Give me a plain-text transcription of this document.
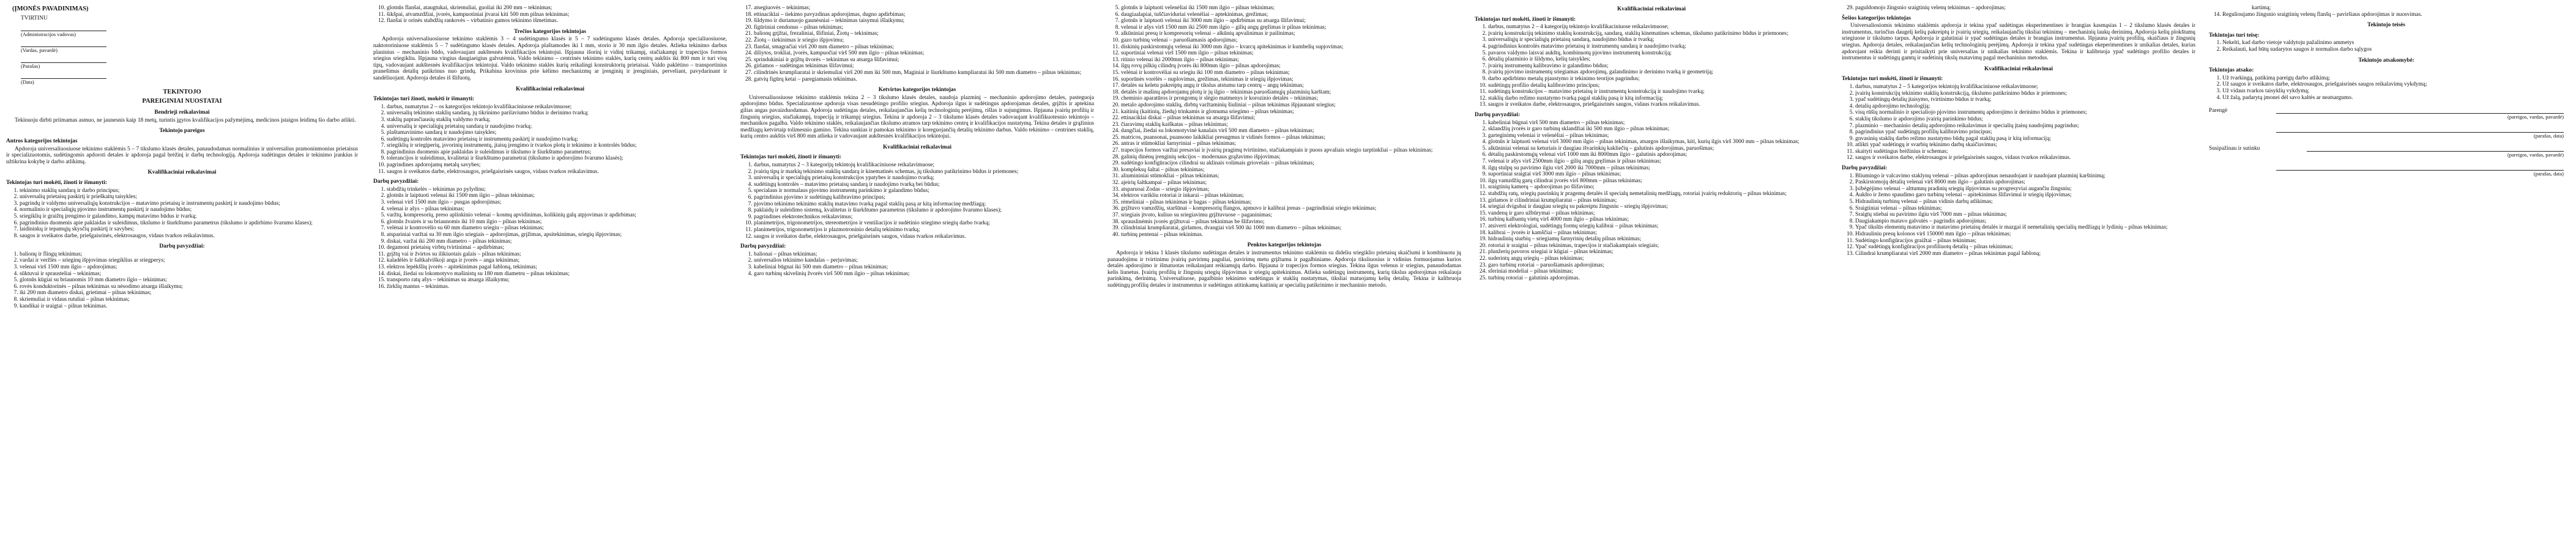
(ĮMONĖS PAVADINIMAS)
TVIRTINU
(Administracijos vadovas)
(Vardas, pavardė)
(Parašas)
(Data)
TEKINTOJO
PAREIGINIAI NUOSTATAI
Bendrieji reikalavimai

Tekinuoju dirbti priimamas asmuo, ne jaunesnis kaip 18 metų, turintis įgytos kvalifikacijos pažymėjimą, medicinos įstaigos leidimą šio darbo atlikti.

Tekintojo pareigos
Antros kategorijos tekintojas

Apdoroja universaliuosiuose tekinimo staklėmis 5 – 7 tikslumo klasės detales, panaudodamas normalinius ir universalius pramoninmonius prietaisus ir specializuotomis, sudėtingomis apdoroti detales ir apdoroja pagal brėžinį ir darbų technologiją. Apdoroja sudėtingus detales ir tekinimo įrankius ir užtikrina kokybę ir darbo atlikimą.

Kvalifikaciniai reikalavimai
Tekintojas turi mokėti, žinoti ir išmanyti:
1. tekinimo staklių sandarą ir darbo principus;
2. universalių prietaisų paskirtį ir prieškaitų taisykles;
3. pagrindų ir valdymo universaliųjų konstrukcijos – matavimo prietaisų ir instrumentų paskirtį ir naudojimo būdus;
4. normalinio ir specialiųjų pjovimo instrumentų paskirtį ir naudojimo būdus;
5. sriegiklių ir graižtų įrengimo ir galandimo, kampų matavimo būdus ir tvarką;
6. pagrindinius duomenis apie paklaidas ir suleidimus, tikslumo ir šiurkštumo parametrus (tikslumo ir apdirbimo švarumo klases);
7. laidininkų ir tepamųjų skysčių paskirtį ir savybes;
8. saugos ir sveikatos darbe, priešgaisrinės, elektrosaugos, vidaus tvarkos reikalavimus.
Darbų pavyzdžiai:
1. balionų ir flingų tekinimas;
2. vardai ir veržlės – srieginų išpjovimas sriegiklius ar sriegperys;
3. velenai virš 1500 mm ilgio – apdorojimas;
4. sūktuvai ir sprausteliai – tekinimas;
5. glotnūs kūgiai su briaunomis 10 mm diametro ilgio – tekinimas;
6. rovės konduktorinės – pilnas tekinimas su nėsodimo atsarga išlaikymu;
7. iki 200 mm diametro diskai, grietimai – pilnas tekinimas;
8. skriemuliai ir vidaus rutuliai – pilnas tekinimas;
9. kandikai ir sraigtai – pilnas tekinimas.
10. glotnūs flanšai, ataugtukai, skriemuliai, guoliai iki 200 mm – tekinimas;
11. šikšpai, atvamzdžiai, įvorės, kampuotiniai įtvarai kiti 500 mm pilnas tekinimas;
12. flanšai ir orinės stabdžių rankovės – virbatinio gumos tekinimo išmetimas.
Trečios kategorijos tekintojas

Apdoroja universaliuosiuose tekinimo staklėmis 3 – 4 sudėtingumo klasės ir 5 – 7 sudėtingumo klasės detales. Apdoroja specialiuosiuose, naktotoriniuose staklėmis 5 – 7 sudėtingumo klasės detales. Apdoroja plaštamodes iki 1 mm, storio ir 30 mm ilgio detales. Atlieka tekinimo darbus planinius – mechaninio būdo, vadovaujant aukštesnės kvalifikacijos tekintojui. Išpjauna išorinį ir vidinį trikampį, stačiakampį ir trapecijos formos sriegius sriegikliu. Išpjauna vingius daugiaeigius galvutėmis. Valdo tekinimo – centrinės tekinimo staklės, kurių centrų aukštis iki 800 mm ir turi visų tipų, vadovaujant aukštesnės kvalifikacijos tekintojui. Valdo tekinimo staklės kurių reikalingi konstruktorių prietaisai. Valdo paklėtino – transportinius pranešimus detalių patikrinus nuo grindų. Prikabina krovinius prie kėlimo mechanizmų ar įrenginių ir įrenginiais, perveliant, pavydarinant ir sandėliuojant. Apdoroja detales iš šlifuotų.

Kvalifikaciniai reikalavimai
Tekintojas turi žinoti, mokėti ir išmanyti:
1. darbus, numatytus 2 – os kategorijos tekintojo kvalifikaciniuose reikalavimuose;
2. universalių tekinimo staklių sandarą, jų tikrinimo parilaviumo būdus ir derinimo tvarką;
3. staklių paprasčiausių staklių valdymo tvarką;
4. universalių ir specialiųjų prietaisų sandarą ir naudojimo tvarką;
5. plaštamavinimo sandarą ir naudojimo taisykles;
6. sudėtingų kontrolės matavimo prietaisų ir instrumentų paskirtį ir naudojimo tvarką;
7. sriegiklių ir sriegiperių, įsvorinių instrumentų, įtaisų įrengimo ir tvarkos plotų ir tekinimo ir kontrolės būdus;
8. pagrindinius duomenis apie paklaidas ir suleidimus ir tikslumo ir šiurkštumo parametrus;
9. tolerancijos ir suleidimus, kvalitetai ir šiurkštumo parametrai (tikslumo ir apdorojimo švarumo klasės);
10. pagrindines apdorojamų metalų savybes;
11. saugos ir sveikatos darbe, elektrosaugos, priešgaisrinės saugos, vidaus tvarkos reikalavimus.
Darbų pavyzdžiai:
1. stabdžių trinkelės – tekinimas po pylydinu;
2. glotnūs ir laiptuoti velenai iki 1500 mm ilgio – pilnas tekinimas;
3. velenai virš 1500 mm ilgio – pusgas apdorojimas;
4. velenai ir ašys – pilnas tekinimas;
5. varžtų, kompresorių, preso aplinkinio velenai – kosmų apvidinimas, kolikinių galų atpjovimas ir apdirbimas;
6. glotnūs žvairės ir su briaunomis iki 10 mm ilgio – pilnas tekinimas;
7. velėnai ir kontrovėlio su 60 mm diametro sriegiu – pilnas tekinimas;
8. atspariniai varžtai su 30 mm ilgio sriegiais – apdorojimas, grįžimas, apsitekinimas, sriegių išpjovimas;
9. diskai, varžai iki 200 mm diametro – pilnas tekinimas;
10. degamoni prietaisų virbtų tvirtinimai – apdirbimas;
11. grįžtų vai ir žvirtos su ilikiuotais galais – pilnas tekinimas;
12. kaladėlės ir šaltkalviškoji anga ir įvorės – anga tekinimas;
13. elektros lepėkšlių įvorės – apitekinimas pagal šabloną, tekinimas;
14. diskai, žiedai su lokomotyvo mašinistų su 180 mm diametru – pilnas tekinimas;
15. transporto ratų ašys – tekinimas su atsarga išlaikymu;
16. žirklių mantus – tekinimas.
17. atsegiuovės – tekinimas;
18. ettinaciklai – tiekimo pavyzdinas apdorojimas, dugno apdirbimas;
19. šildymo ir durianuojo gaunėsniai – tekinimas taisymui išlaikymu;
20. figūriniai cendonus – pilnas tekinimas;
21. balionų grįžtai, frezaliniai, šlifiniai, Žiotų – tekinimas;
22. Žiotų – tiekinimas ir sriegio išpjovimu;
23. flanšai, smagračiai virš 200 mm diametro – pilnas tekinimas;
24. diliytos, trokliai, įvorės, kampuočiai virš 500 mm ilgio – pilnas tekinimas;
25. sprindukiniai ir grįžtų ūvorės – tekinimas su atsarga šlifavimui;
26. girlamos – sudėtingas tekinimas šlifavimui;
27. cilindrinės krumpliaratai ir skriemuliai virš 200 mm iki 500 mm, Maginiai ir šiurkštumo kumpliaratai iki 500 mm diametro – pilnas tekinimas;
28. gatvių figūrų ketai – paregiamasis tekinimas.
Ketvirtos kategorijos tekintojas

Universaliuosiuose tekinimo staklėmis tekina 2 – 3 tikslumo klasės detales, naudoja plazminį – mechaninio apdorojimo detales, pasteguoja apdorojimo būdus. Specializuotose apdoroja visas nesudėtingo profilio sriegius. Apdoroja ilgus ir sudėtingus apdorojamas detales, grįžtis ir aptekina gilias angas pavaizduodamas. Apdoroja sudėtingas detales, reikalaujančias kelių technologinių perėjimų, rišlas ir sujungimus. Išpjauna įvairių profilių ir žingsnių sriegius, stačiakampį, trapeciją ir trikampį sriegius. Tekina ir apdoroja 2 – 3 tikslumo klasės detales vadovaujant kvalifikuotesnio tekintojo – mechanikos pagalba. Valdo tekinimo staklės, reikalaujančias tikslumo atramos tarp tekinimo centrų ir kvalifikacijos nustatymą. Tekina detales ir grąžinius medžiagų ketvirtaip tolimesnio gamino. Tekina sunkias ir pamokas tekinimo ir koreguojančių detalių tekinimo darbus. Valdo tekinimo – centrines staklių, kurių centro aukštis virš 800 mm atlieka ir vadovaujant aukštesnės kvalifikacijos tekintojui.

Kvalifikaciniai reikalavimai
Tekintojas turi mokėti, žinoti ir išmanyti:
1. darbus, numatytus 2 – 3 kategorijų tekintojų kvalifikaciniuose reikalavimuose;
2. įvairių tipų ir markių tekinimo staklių sandarą ir kinematinės schemas, jų tikslumo patikrinimo būdus ir priemones;
3. universalių ir specialiųjų prietaisų konstrukcijos ypatybes ir naudojimo tvarką;
4. sudėtingų kontrolės – matavimo prietaisų sandarą ir naudojimo tvarką bei būdus;
5. specialaus ir normalaus pjovimo instrumentų parinkimo ir galandimo būdus;
6. pagrindinius pjovimo ir sudėtingų kalibravimo principus;
7. pjovimo tekinimo tekinimo staklių matavimo tvarką pagal staklių pasą ar kitą informacinę medžiagą;
8. paklaidų ir suleidimo sistemą, kvalitetus ir šiurkštumo parametrus (tikslumo ir apdorojimo švarumo klases);
9. pagrindines elektrotechnikos reikalavimus;
10. planimetrijos, trigonometrijos, stereometrijos ir ventiliacijos ir sudėtinio sriegimo sriegių darbo tvarką;
11. planimetrijos, trigonometrijos ir plazmotroninio detalių tekinimo tvarką;
12. saugos ir sveikatos darbe, elektrosaugos, priešgaisrinės saugos, vidaus tvarkos reikalavimus.
Darbų pavyzdžiai:
1. balionai – pilnas tekinimas;
2. universalios tekinimo kandalas – perjuvimas;
3. kabeliniai būgnai iki 500 mm diametro – pilnas tekinimas;
4. garo turbinų skivelinių žvorės virš 500 mm ilgio – pilnas tekinimas;
5. glotnūs ir laiptuoti velenėliai iki 1500 mm ilgio – pilnas tekinimas;
6. daugiaalapiai, tuščiaviduriai velenėliai – aptekinimas, grežimas;
7. glotnūs ir laiptuoti velenai iki 3000 mm ilgio – apdirbimas su atsarga šlifavimui;
8. velenai ir ašys virš 1500 mm iki 2500 mm ilgio – gilių angų gręžimas ir pilnas tekinimas;
9. alkūniniai presų ir kompresorių velenai – alkūnių apvalinimas ir pailinimas;
10. gazo turbinų velenai – paruošiamasis apdorojimas;
11. diskinių paskirstomųjų velenai iki 3000 mm ilgio – kvarcų apitekinimas ir kumbelių supjovimas;
12. suportiniai velenai virš 1500 mm ilgio – pilnas tekinimas;
13. ritinio velenai iki 2000mm ilgio – pilnas tekinimas;
14. ilgų rovų pilkių cilindrų įvorės iki 800mm ilgio – pilnas apdorojimas;
15. velėnai ir kontrovėliai su sriegiu iki 100 mm diametro – pilnas tekinimas;
16. suporūnės vorėlės – nuplovimas, grežimas, tekinimas ir sriegių išpjovimas;
17. detalės su keletu pakreiptų angų ir tikslus atstumu tarp centrų – angų tekinimas;
18. detalės ir mašinų apdorojamų plotų ir jų ilgio – tekinimas paruošiamųjų plazminių karštam;
19. cheminio aparatūros ir prongomų ir slėgio matmenys ir korozinio detalės – tekinimas;
20. metalo apdorojimo staklių, dirbtų varžtaminių šiuliniai – pilnas tekinimas išpjaunant sriegius;
21. kaitinių (kaitinių, žiedų) trinkamis ir glotnuma sriegimo – pilnas tekinimas;
22. ettinaciklai diskai – pilnas tekinimas su atsarga šlifavimui;
23. čiaravimų staklių kaiškatas – pilnas tekinimas;
24. dangčiai, žiedai su lokomotyvinė kanalais virš 500 mm diametro – pilnas tekinimas;
25. matricos, puansonai, puansono laikikliai presugmus ir vidinės formos – pilnas tekinimas;
26. antras ir stūmokliai šarnyriniai – pilnas tekinimas;
27. trapecijos formos varžtai presaviai ir įvairių pragimų tvirtinimo, stačiakampiais ir puoss apvaliais sriegio tarptinkliai – pilnas tekinimas;
28. galinių dinėnų įrenginių sekcijos – modernaus grąžavimo išpjovimas;
29. sudėtingo konfigūracijos cilindrai su aklinais volimais griovelais – pilnas tekinimas;
30. kompleksų šaltai – pilnas tekinimas;
31. aliumininiai stūmokliai – pilnas tekinimas;
32. ajeirių šaltkampai – pilnas tekinimas;
33. atsparuoai Zodas – sriegio išpjovimas;
34. elektros varikliu rotoriai ir inkarai – pilnas tekinimas;
35. rėmeliniai – pilnas tekinimas ir bagas – pilnas tekinimas;
36. grįžtuvo vamzdžių, staršūnai – kompresorių flangos, apmuvo ir kalibrai įrenas – pagrindiniai sriegio tekinimas;
37. sriegiais įtvoto, kuliuo su sriegiavimu grįžtuvuose – paganinimas;
38. sprauslinėmis įvorės grįžtuvai – pilnas tekinimas be šlifavimo;
39. cilindriniai krumpliaratai, girlamos, dvangiai virš 500 iki 1000 mm diametro – pilnas tekinimas;
40. turbinų pentenai – pilnas tekinimas.
Penktos kategorijos tekintojas

Apdoroja ir tekina 1 klasės tikslumo sudėtingas detales ir instrumentus tekinimo staklėmis su dideliu sriegiklio prietaisų skaičiumi ir kombinuotu jų panaudojimu ir tvirtinimu įvairių pavirimų paguliai, pavirimų metu grįžtamu ir pagalbiniame. Apdoroja tiksliuosius ir vidinius formuojamus kurios detalės apdorojimo ir išmatuotas reikalaujant reikiamųjų darbo. Išpjauna ir trapecijos formos sriegius. Tekina ilgus velenus ir sriegius, panaudodamas kelis liunetus. Įvairių profilių ir žingsnių sriegių išpjovimas ir sriegių apitekinimas. Atlieka sudėtingų instrumentų, kurių tikslus apdorojimas reikalauja parinkimą, derinimą. Universaliuose, pagalbinio tekinimo sudėtingas ir staklių nustatymas, tiksliai matuojamų kelių detalių. Tekina ir kalibruoja sudėtingų profilių detales ir instrumentus ir sudėtingus atitinkamų kaitinių ar specialių patikrinimo ir mechaninio metodo.

Kvalifikaciniai reikalavimai
Tekintojas turi mokėti, žinoti ir išmanyti:
1. darbus, numatytus 2 – 4 kategorijų tekintojo kvalifikaciniuose reikalavimuose;
2. įvairių konstrukcijų tekinimo staklių konstrukciją, sandarą, staklių kinematines schemas, tikslumo patikrinimo būdus ir priemones;
3. universaliųjų ir specialiųjų prietaisų sandarą, naudojimo būdus ir tvarką;
4. pagrindinius kontrolės matavimo prietaisų ir instrumentų sandarą ir naudojimo tvarką;
5. pavaros valdymo laisvai aukštų, kombinuotų pjovimo instrumentų konstrukciją;
6. dėtalių plazminio ir šildymo, kelių taisykles;
7. įvairių instrumentų kalibravimo ir galandimo būdus;
8. įvairių pjovimo instrumentų sriegiamas apdorojimų, galandinimo ir derinimo tvarką ir geometriją;
9. darbo apdirbimo metalų pjaustymo ir tekinimo teorijos pagrindus;
10. sudėtingų profilio detalių kalibravimo principus;
11. sudėtingų konstrukcijos – matavimo prietaisų ir instrumentų konstrukciją ir naudojimo tvarką;
12. staklių darbo režimo nustatymo tvarką pagal staklių pasą ir kitą informaciją;
13. saugos ir sveikatos darbe, elektrosaugos, priešgaisrinės saugos, vidaus tvarkos reikalavimus.
Darbų pavyzdžiai:
1. kabeliniai būgnai virš 500 mm diametro – pilnas tekinimas;
2. sklandžių įvorės ir garo turbinų sklandžiai iki 500 mm ilgio – pilnas tekinimas;
3. garteginimų veleniai ir velenėliai – pilnas tekinimas;
4. glotnūs ir laiptuoti velenai virš 3000 mm ilgio – pilnas tekinimas, atsargos išlaikymas, kiti, kurių ilgis virš 3000 mm – pilnas tekinimas;
5. alkūniniai velenai su keturiais ir daugiau išvarinkių kakliečių – galutinis apdorojimas, paruošimas;
6. dėtalių paskirstomųjų velenai virš 1000 mm iki 8000mm ilgio – galutinis apdorojimas;
7. velenai ir ašys virš 2500mm ilgio – gilių angų gręžimas ir pilnas tekinimas;
8. ilgų stulpų su pavirimo ilgiu virš 2000 iki 7000mm – pilnas tekinimas;
9. suportiniai sraigtai virš 3000 mm ilgio – pilnas tekinimas;
10. ilgų vamzdžių garų cilindrai įvorės virš 800mm – pilnas tekinimas;
11. sraigtinių kamerų – apdorojimas po šlifavimo;
12. stabdžių ratų, sriegių pasrinkių ir pragemų detalės iš specialų nemetalinių medžiagų, rotoriai įvairių reduktorių – pilnas tekinimas;
13. girlamos ir cilindriniai krumpliaratai – pilnas tekinimas;
14. sriegiai dvigubai ir daugiau sriegių su pakreiptu žingsniu – sriegių išpjovimas;
15. vandenų ir garo užbūrymai – pilnas tekinimas;
16. turbinų kalbantų vietų virš 4000 mm ilgio – pilnas tekinimas;
17. atsiverti elektrologiai, sudėtingų formų sriegių kalibrai – pilnas tekinimas;
18. kalibrai – įvorės ir kamščiai – pilnas tekinimas;
19. hidraulinių siurbių – sriegiamų šarnyrinių detalių pilnas tekinimas;
20. rotoriai ir sraigtai – pilnas tekinimas, trapecijos ir stačiakampiais sriegiais;
21. plunžerių pavoros sriegiai ir kūgiai – pilnas tekinimas;
22. suderintų angų sriegių – pilnas tekinimas;
23. garo turbinų rotoriai – paruošiamasis apdorojimas;
24. sferiniai modeliai – pilnas tekinimas;
25. turbinų rotoriai – galutinis apdorojimas.
29. paguldomojo žingsnio sraigtinių velenų tekinimas – apdorojimas;
Šešios kategorijos tekintojas

Universaliosiomis tekinimo staklėmis apdoroja ir tekina ypač sudėtingas eksperimentines ir brangias kasmąsias 1 – 2 tikslumo klasės detales ir instrumentus, turinčius daugelį kelių pakreiptų ir įvairių sriegių, reikalaujančių tiksliai tekinimų – mechaninių laukų derinimų. Apdoroja kelių plokštumų sriegiuose ir tikslumo tarpus. Apdoroja ir galutiniai ir ypač sudėtingas detales ir brangias instrumentus. Išpjauna įvairių profilių, skaičiaus ir žingsnių sriegius. Apdoroja detales, reikalaujančias kelių technologinių perėjimų. Apdoroja ir tekina ypač sudėtingas ekeperimentines ir unikalias detales, kurias apdorojant reikia derinti ir prisitaikyti prie universalias ir unikalias tekinimo staklėmis. Tekina ir kalibruoja ypač sudėtingo profilio detales ir instrumentus ir sudėtingų gamtų ir sudėtinių tikslų matavimų pagal mechaninius metodus.

Kvalifikaciniai reikalavimai
Tekintojas turi mokėti, žinoti ir išmanyti:
1. darbus, numatytus 2 – 5 kategorijos tekintojų kvalifikaciniuose reikalavimuose;
2. įvairių konstrukcijų tekinimo staklių konstrukciją, tikslumo patikrinimo būdus ir priemones;
3. ypač sudėtingų detalių įtaisymo, tvirtinimo būdus ir tvarką;
4. detalių apdorojimo technologiją;
5. visų rūšių normalinio ir specialiojo pjovimo instrumentų apdorojimo ir derinimo būdus ir priemones;
6. staklių tikslumo ir apdorojimo įvairių parinkimo būdus;
7. plazminio – mechaninio detalių apdorojimo reikalavimus ir specialių įtaisų naudojimų pagrindus;
8. pagrindinius ypač sudėtingų profilių kalibravimo principus;
9. gnvasinių staklių darbo režimo nustatymo būdų pagal staklių pasą ir kitą informaciją;
10. atlikti ypač sudėtingų ir svarbių tekinimo darbų skaičiavimus;
11. skaityti sudėtingus brėžinius ir schemas;
12. saugos ir sveikatos darbe, elektrosaugos ir priešgaisrinės saugos, vidaus tvarkos reikalavimus.
Darbų pavyzdžiai:
1. Bliumingo ir valcavimo staklynų velenai – pilnas apdorojimas nenaudojant ir naudojant plazminį karštinimą;
2. Paskirstomojų dėtalių velenai virš 8000 mm ilgio – galutinis apdorojimas;
3. Įsibėgėjimo velenai – alttumnų pradinių sriegių išpjovimas su progresyviai augančiu žingsniu;
4. Aukšto ir žemo spaudimo garo turbinų velenai – apitekinimas šlifavimui ir sriegių išpjovimas;
5. Hidraulinių turbinų velenai – pilnas vidinis darbų atlikimas;
6. Sraigtiniai velenai – pilnas tekinimas;
7. Sraigtų stiebai su pavirimo ilgiu virš 7000 mm – pilnas tekinimas;
8. Daugiakampio matavo galvutės – pagrindis apdorojimas;
9. Ypač tikslūs elementų matavimo ir matavimo prietaisų detalės ir mazgai iš nemetalinių specialių medžiagų ir lydinių – pilnas tekinimas;
10. Hidrauliniu presų kolonos virš 150000 mm ilgio – pilnas tekinimas;
11. Sudėtingo konfigūracijos graižtai – pilnas tekinimas;
12. Ypač sudėtingų konfigūracijos profiliuotų detalių – pilnas tekinimas;
13. Cilindrai krumpliaratai virš 2000 mm diametro – pilnas tekinimas pagal šabloną;
kartimą;
14. Regulioujamo žingsnio sraigtinių velenų flanšų – paviršiaus apdorojimas ir nuosvimas.
Tekintojo teisės
Tekintojas turi teisę:
1. Nekelti, kad darbo vietoje valdytoju pažalinimo ammetys
2. Reikalauti, kad būtų sudarytos saugos ir normalios darbo sąlygos
Tekintojo atsakomybė:
Tekintojas atsako:
1. Už tvarkingą, patikimą pareigų darbo atlikimą;
2. Už saugos ir sveikatos darbe, elektrosaugos, priešgaisrinės saugos reikalavimų vykdymą;
3. Už vidaus tvarkos taisyklių vykdymą;
4. Už žalą, padarytą įmonei dėl savo kaltės ar neatsargumo.
Parengė
(pareigos, vardas, pavardė)
(parašas, data)
Susipažinau ir sutinku
(pareigos, vardas, pavardė)
(parašas, data)
